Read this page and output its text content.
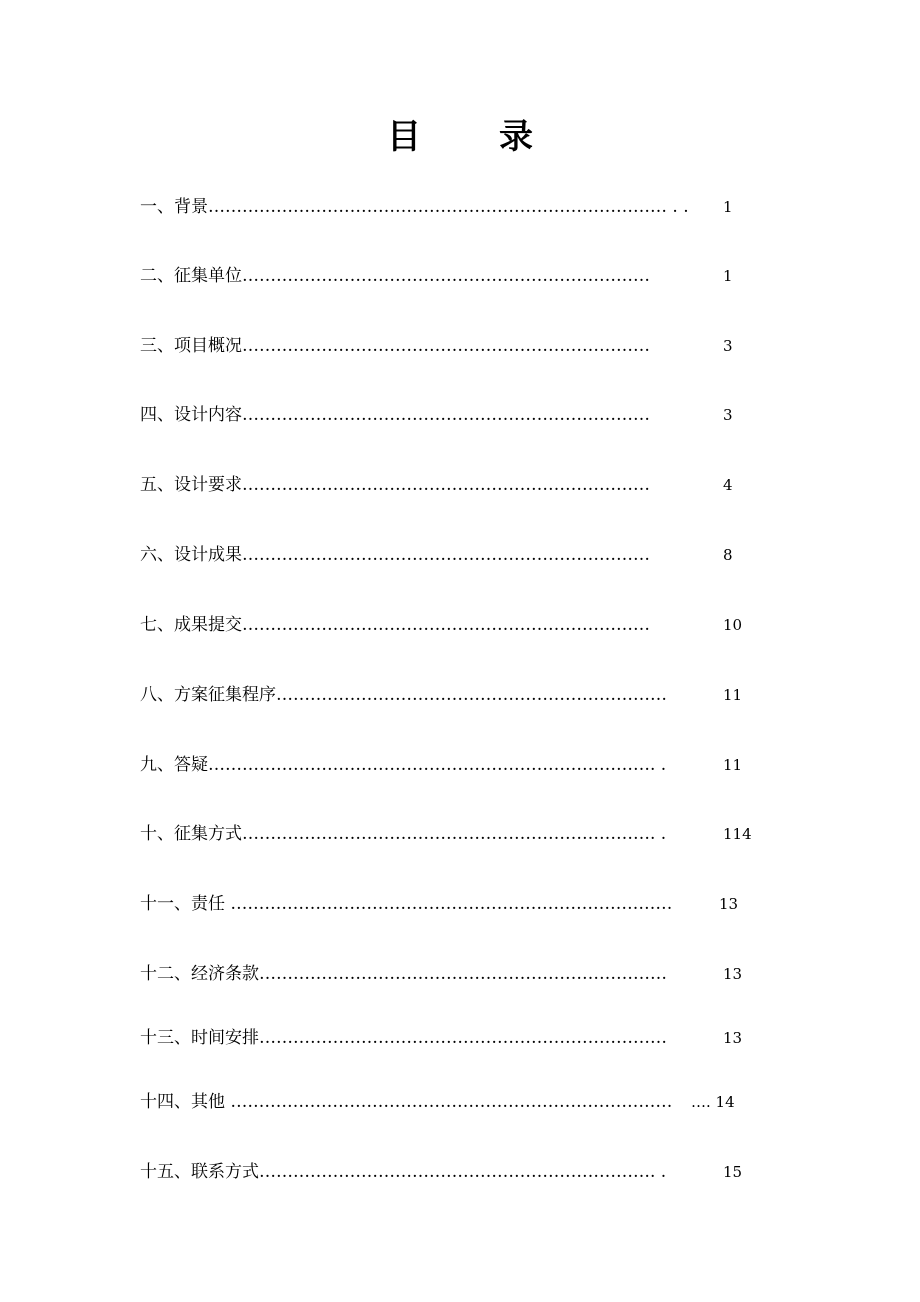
目录
一、背景……………………………………………………………………… . . 1
二、征集单位………………………………………………………………	1
三、项目概况………………………………………………………………	3
四、设计内容………………………………………………………………	3
五、设计要求………………………………………………………………	4
六、设计成果………………………………………………………………	8
七、成果提交………………………………………………………………	10
八、方案征集程序……………………………………………………………	11
九、答疑……………………………………………………………………. .	11
十、征集方式………………………………………………………………. .	114
十一、责任 ……………………………………………………………………	13
十二、经济条款………………………………………………………………	13
十三、时间安排………………………………………………………………	13
十四、其他 …………………………………………………………………… …. 14
十五、联系方式……………………………………………………………. .	15
